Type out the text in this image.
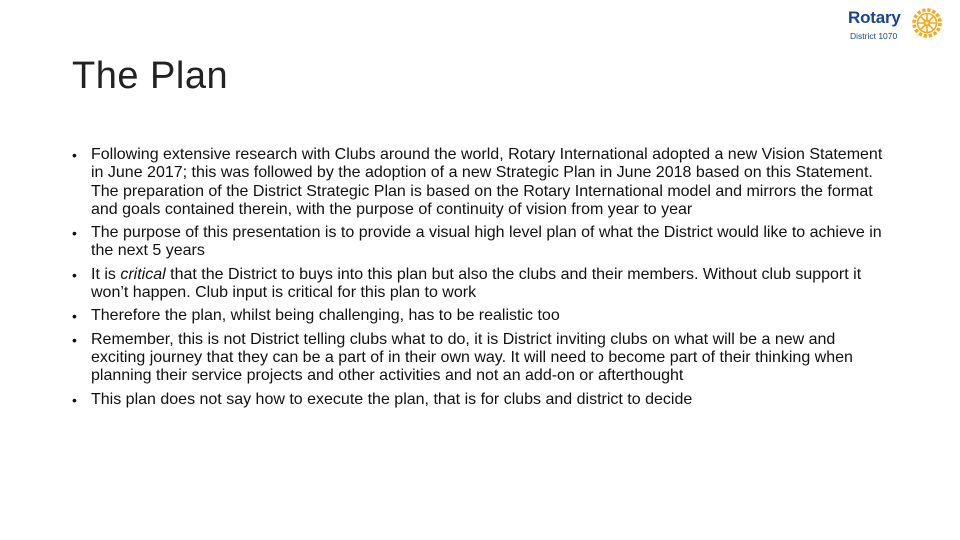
Rotary
District 1070
The Plan
• Following extensive research with Clubs around the world, Rotary International adopted a new Vision Statement in June 2017; this was followed by the adoption of a new Strategic Plan in June 2018 based on this Statement. The preparation of the District Strategic Plan is based on the Rotary International model and mirrors the format and goals contained therein, with the purpose of continuity of vision from year to year
• The purpose of this presentation is to provide a visual high level plan of what the District would like to achieve in the next 5 years
• It is critical that the District to buys into this plan but also the clubs and their members. Without club support it won’t happen. Club input is critical for this plan to work
• Therefore the plan, whilst being challenging, has to be realistic too
• Remember, this is not District telling clubs what to do, it is District inviting clubs on what will be a new and exciting journey that they can be a part of in their own way. It will need to become part of their thinking when planning their service projects and other activities and not an add-on or afterthought
• This plan does not say how to execute the plan, that is for clubs and district to decide
